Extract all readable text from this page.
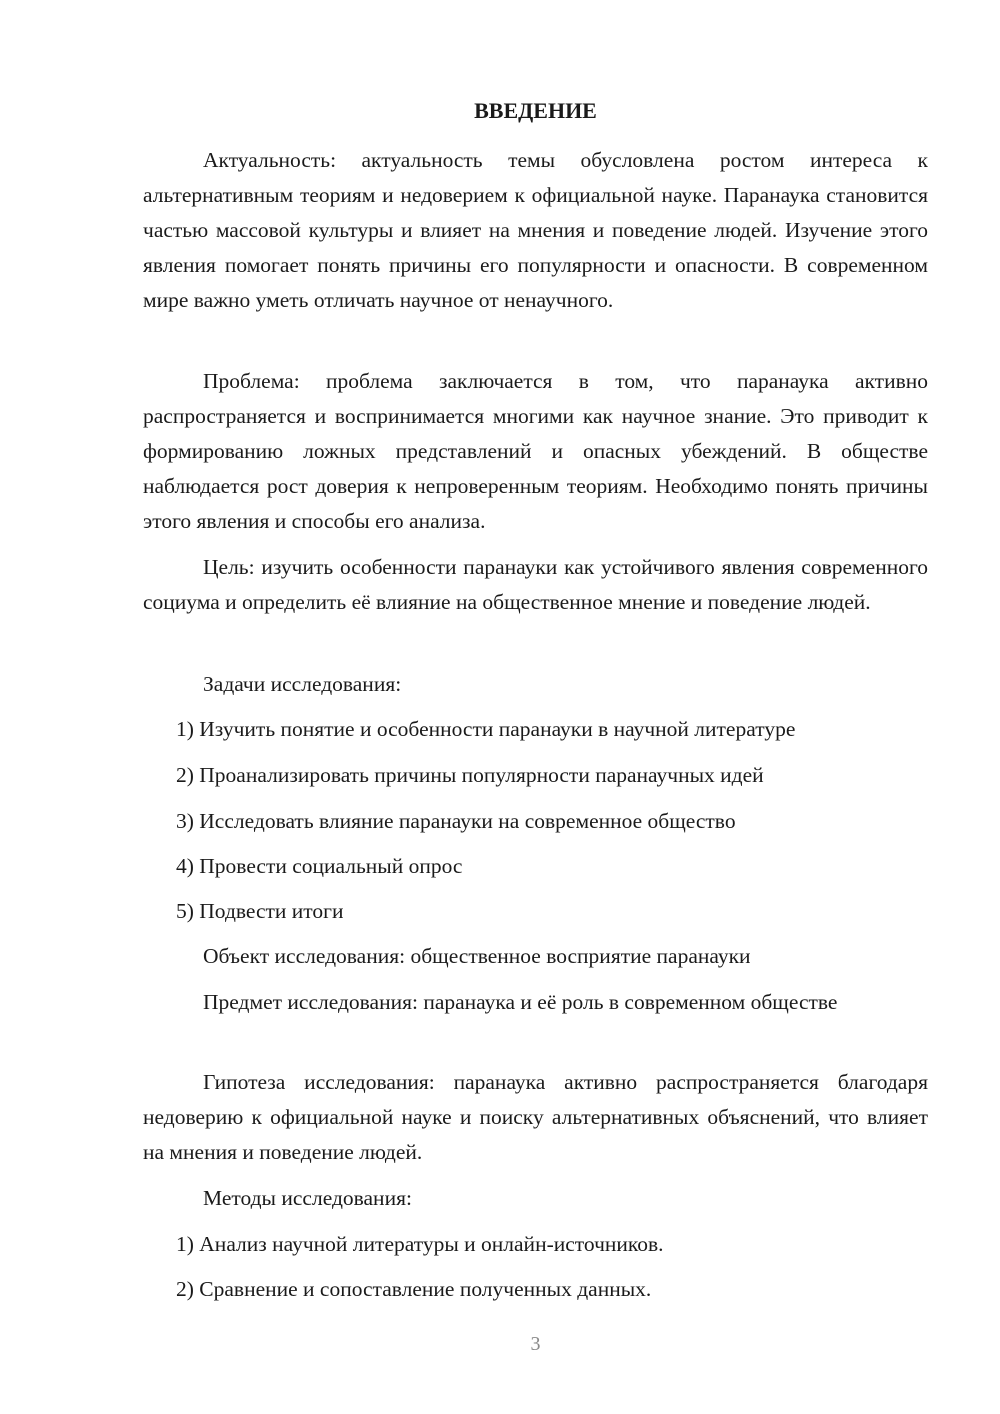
ВВЕДЕНИЕ

Актуальность: актуальность темы обусловлена ростом интереса к альтернативным теориям и недоверием к официальной науке. Паранаука становится частью массовой культуры и влияет на мнения и поведение людей. Изучение этого явления помогает понять причины его популярности и опасности. В современном мире важно уметь отличать научное от ненаучного.

Проблема: проблема заключается в том, что паранаука активно распространяется и воспринимается многими как научное знание. Это приводит к формированию ложных представлений и опасных убеждений. В обществе наблюдается рост доверия к непроверенным теориям. Необходимо понять причины этого явления и способы его анализа.

Цель: изучить особенности паранауки как устойчивого явления современного социума и определить её влияние на общественное мнение и поведение людей.

Задачи исследования:
1) Изучить понятие и особенности паранауки в научной литературе
2) Проанализировать причины популярности паранаучных идей
3) Исследовать влияние паранауки на современное общество
4) Провести социальный опрос
5) Подвести итоги
Объект исследования: общественное восприятие паранауки

Предмет исследования: паранаука и её роль в современном обществе

Гипотеза исследования: паранаука активно распространяется благодаря недоверию к официальной науке и поиску альтернативных объяснений, что влияет на мнения и поведение людей.

Методы исследования:
1) Анализ научной литературы и онлайн-источников.
2) Сравнение и сопоставление полученных данных.
3
